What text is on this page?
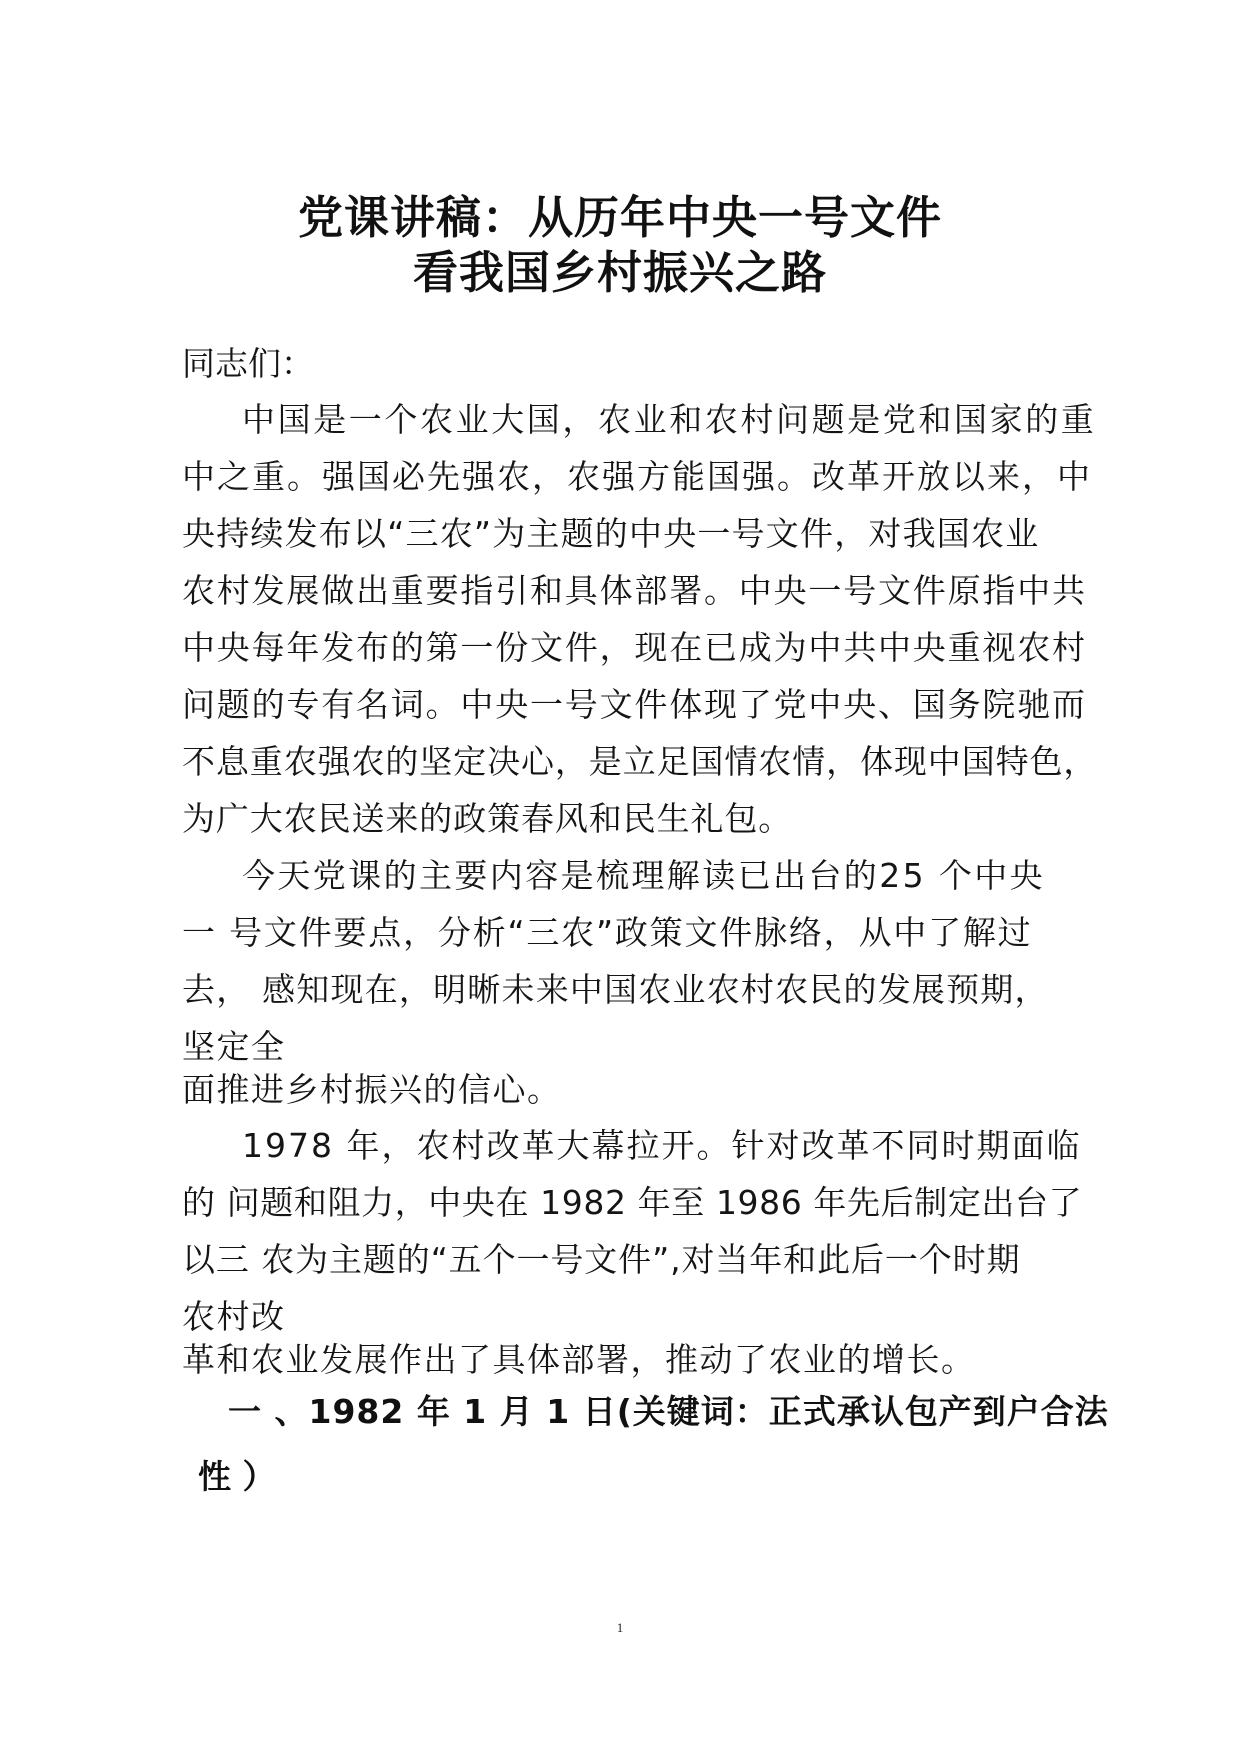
党课讲稿：从历年中央一号文件
看我国乡村振兴之路
同志们：
中国是一个农业大国，农业和农村问题是党和国家的重
中之重。强国必先强农，农强方能国强。改革开放以来，中
央持续发布以“三农”为主题的中央一号文件，对我国农业
农村发展做出重要指引和具体部署。中央一号文件原指中共
中央每年发布的第一份文件，现在已成为中共中央重视农村
问题的专有名词。中央一号文件体现了党中央、国务院驰而
不息重农强农的坚定决心，是立足国情农情，体现中国特色，
为广大农民送来的政策春风和民生礼包。
今天党课的主要内容是梳理解读已出台的25 个中央
一 号文件要点，分析“三农”政策文件脉络，从中了解过
去， 感知现在，明晰未来中国农业农村农民的发展预期，
坚定全
面推进乡村振兴的信心。
1978 年，农村改革大幕拉开。针对改革不同时期面临
的 问题和阻力，中央在 1982 年至 1986 年先后制定出台了
以三 农为主题的“五个一号文件”,对当年和此后一个时期
农村改
革和农业发展作出了具体部署，推动了农业的增长。
一 、1982 年 1 月 1 日(关键词：正式承认包产到户合法
性 ）
1
